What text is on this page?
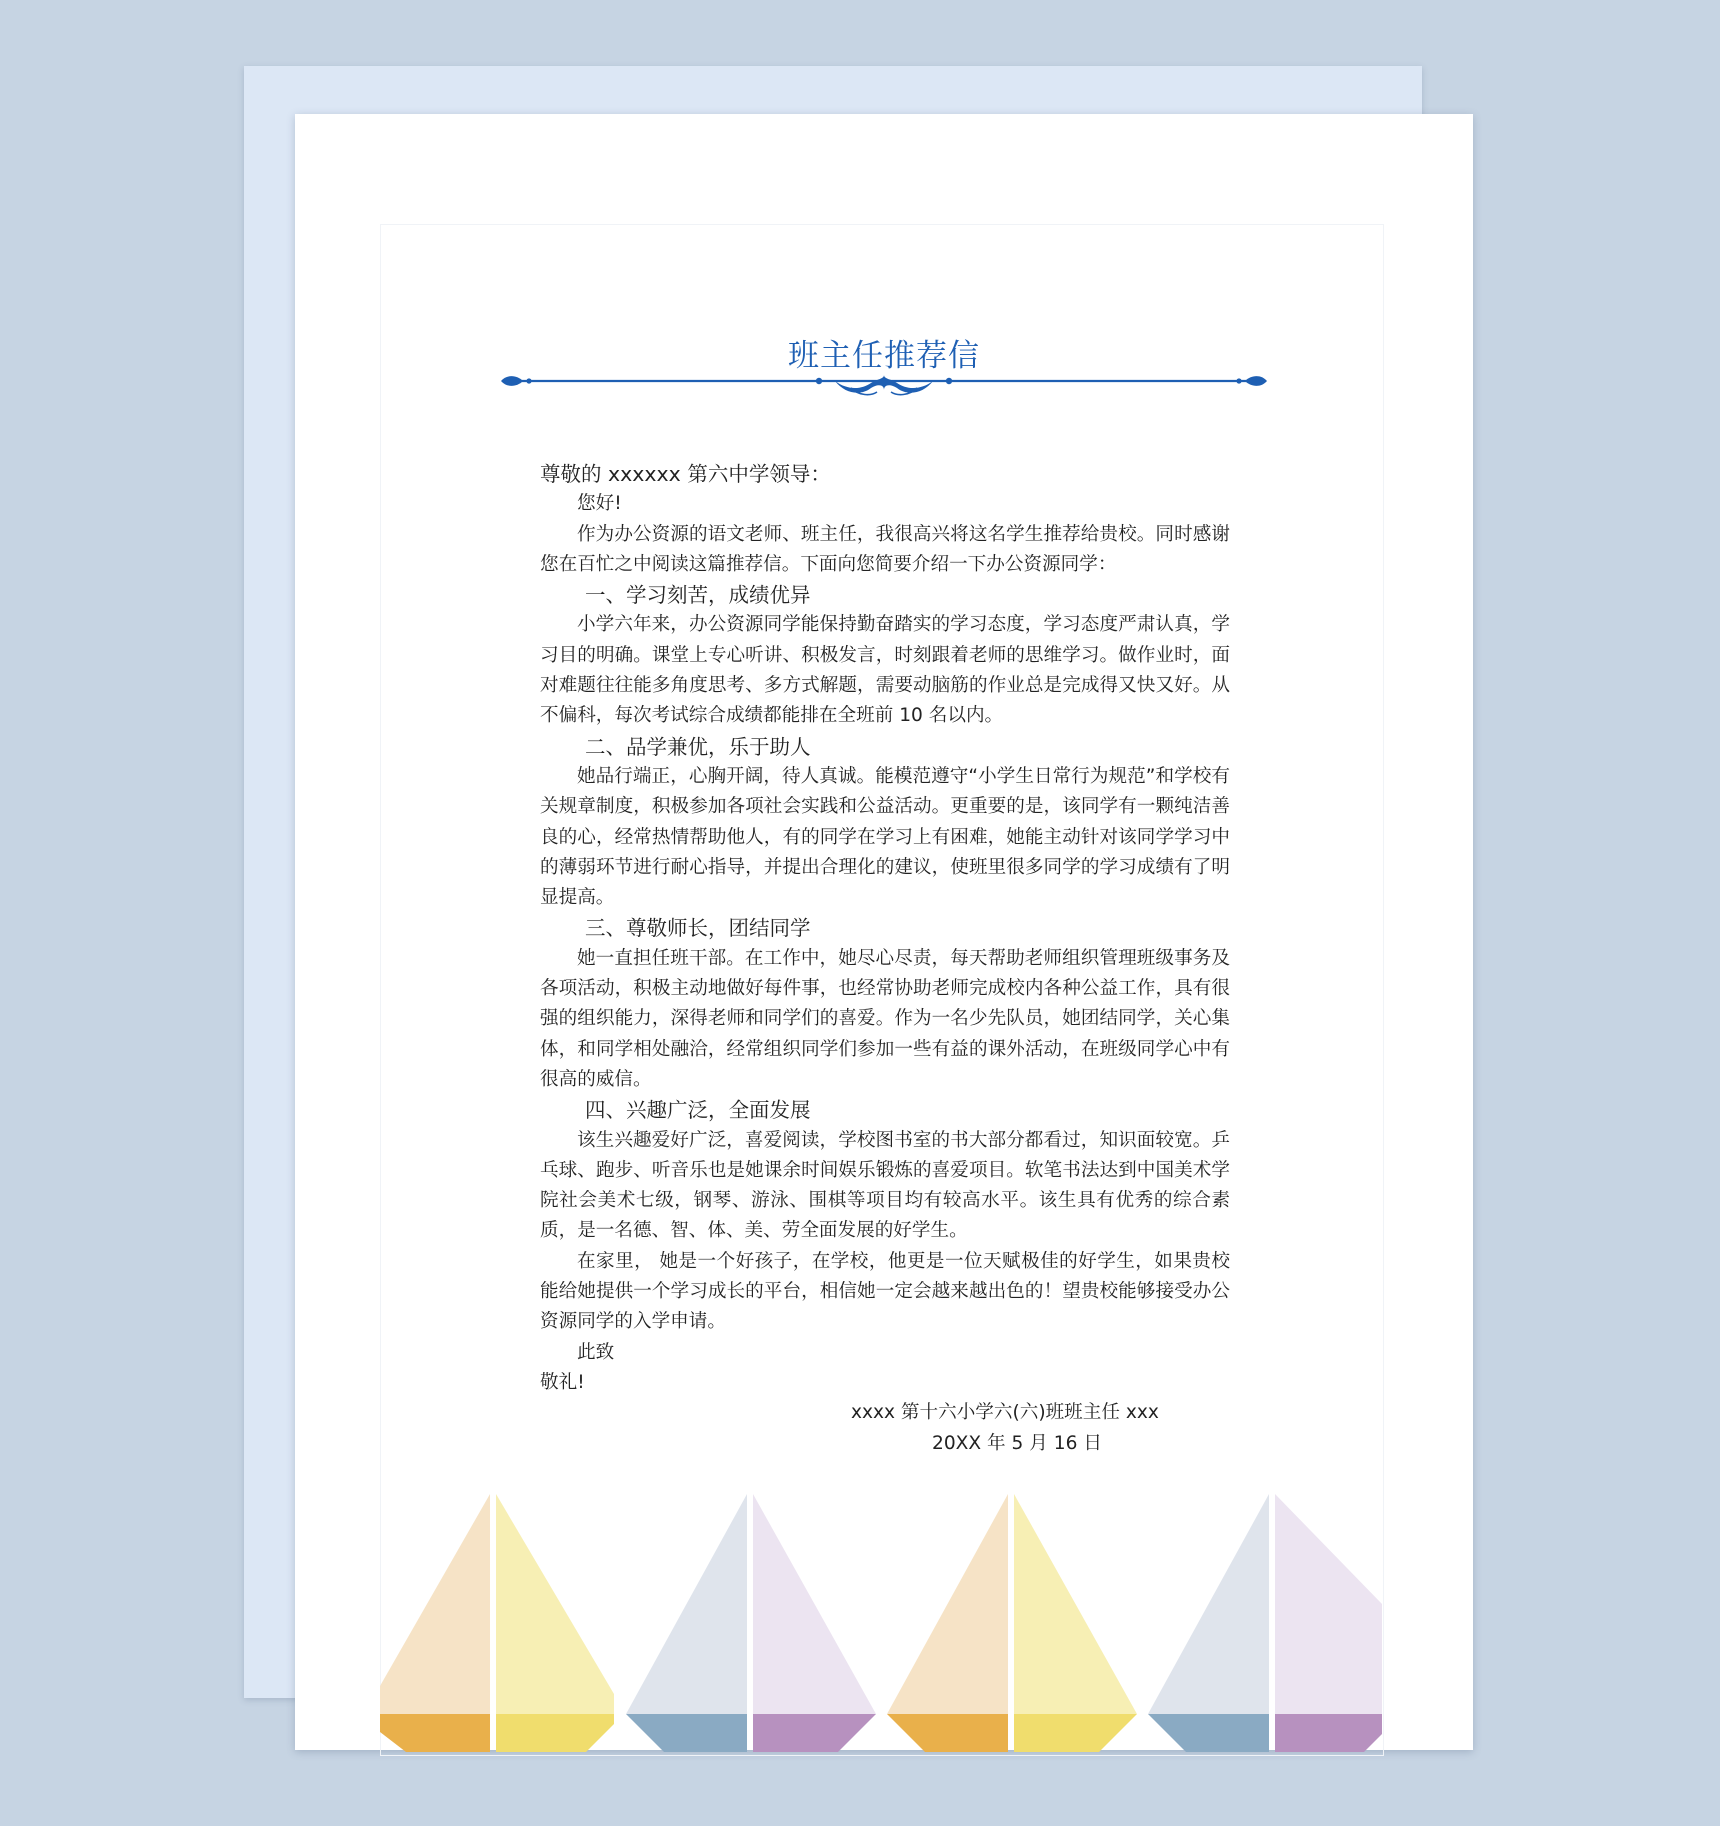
班主任推荐信

尊敬的 xxxxxx 第六中学领导：

您好!

作为办公资源的语文老师、班主任，我很高兴将这名学生推荐给贵校。同时感谢您在百忙之中阅读这篇推荐信。下面向您简要介绍一下办公资源同学：

一、学习刻苦，成绩优异

小学六年来，办公资源同学能保持勤奋踏实的学习态度，学习态度严肃认真，学习目的明确。课堂上专心听讲、积极发言，时刻跟着老师的思维学习。做作业时，面对难题往往能多角度思考、多方式解题，需要动脑筋的作业总是完成得又快又好。从不偏科，每次考试综合成绩都能排在全班前 10 名以内。

二、品学兼优，乐于助人

她品行端正，心胸开阔，待人真诚。能模范遵守“小学生日常行为规范”和学校有关规章制度，积极参加各项社会实践和公益活动。更重要的是，该同学有一颗纯洁善良的心，经常热情帮助他人，有的同学在学习上有困难，她能主动针对该同学学习中的薄弱环节进行耐心指导，并提出合理化的建议，使班里很多同学的学习成绩有了明显提高。

三、尊敬师长，团结同学

她一直担任班干部。在工作中，她尽心尽责，每天帮助老师组织管理班级事务及各项活动，积极主动地做好每件事，也经常协助老师完成校内各种公益工作，具有很强的组织能力，深得老师和同学们的喜爱。作为一名少先队员，她团结同学，关心集体，和同学相处融洽，经常组织同学们参加一些有益的课外活动，在班级同学心中有很高的威信。

四、兴趣广泛，全面发展

该生兴趣爱好广泛，喜爱阅读，学校图书室的书大部分都看过，知识面较宽。乒乓球、跑步、听音乐也是她课余时间娱乐锻炼的喜爱项目。软笔书法达到中国美术学院社会美术七级，钢琴、游泳、围棋等项目均有较高水平。该生具有优秀的综合素质，是一名德、智、体、美、劳全面发展的好学生。

在家里， 她是一个好孩子，在学校，他更是一位天赋极佳的好学生，如果贵校能给她提供一个学习成长的平台，相信她一定会越来越出色的！望贵校能够接受办公资源同学的入学申请。

此致

敬礼!

xxxx 第十六小学六(六)班班主任 xxx

20XX 年 5 月 16 日
